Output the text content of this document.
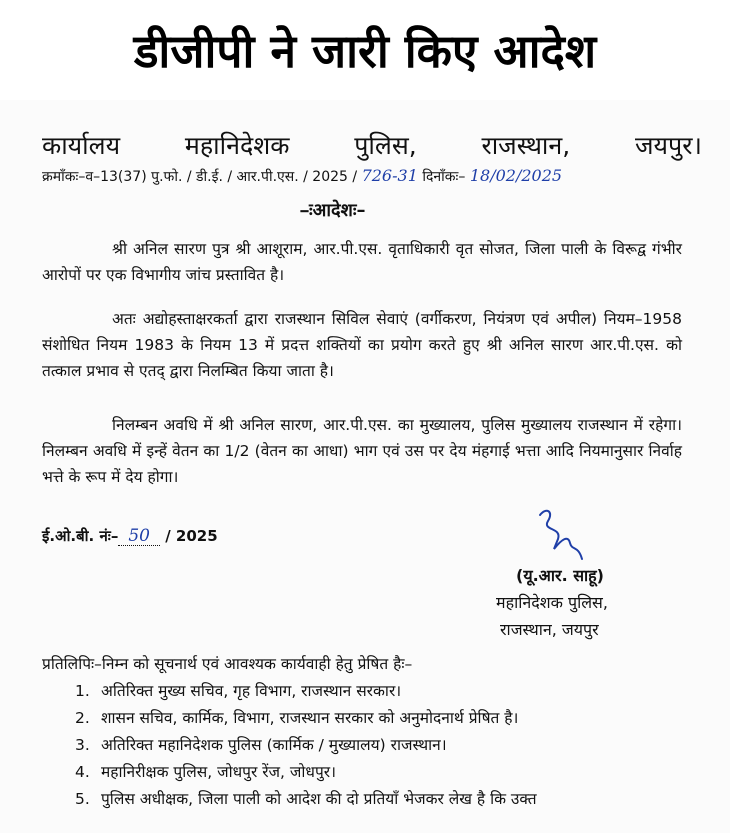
डीजीपी ने जारी किए आदेश
कार्यालय	महानिदेशक	पुलिस,	राजस्थान,	जयपुर।
क्रमाँकः–व–13(37) पु.फो. / डी.ई. / आर.पी.एस. / 2025 / 726-31 दिनाँकः– 18/02/2025
–ःआदेशः–

श्री अनिल सारण पुत्र श्री आशूराम, आर.पी.एस. वृताधिकारी वृत सोजत, जिला पाली के विरूद्व गंभीर आरोपों पर एक विभागीय जांच प्रस्तावित है।

अतः अद्योहस्ताक्षरकर्ता द्वारा राजस्थान सिविल सेवाएं (वर्गीकरण, नियंत्रण एवं अपील) नियम–1958 संशोधित नियम 1983 के नियम 13 में प्रदत्त शक्तियों का प्रयोग करते हुए श्री अनिल सारण आर.पी.एस. को तत्काल प्रभाव से एतद् द्वारा निलम्बित किया जाता है।

निलम्बन अवधि में श्री अनिल सारण, आर.पी.एस. का मुख्यालय, पुलिस मुख्यालय राजस्थान में रहेगा। निलम्बन अवधि में इन्हें वेतन का 1/2 (वेतन का आधा) भाग एवं उस पर देय मंहगाई भत्ता आदि नियमानुसार निर्वाह भत्ते के रूप में देय होगा।

ई.ओ.बी. नंः– 50 / 2025
(यू.आर. साहू)
महानिदेशक पुलिस,
राजस्थान, जयपुर
प्रतिलिपिः–निम्न को सूचनार्थ एवं आवश्यक कार्यवाही हेतु प्रेषित हैः–
1. अतिरिक्त मुख्य सचिव, गृह विभाग, राजस्थान सरकार।
2. शासन सचिव, कार्मिक, विभाग, राजस्थान सरकार को अनुमोदनार्थ प्रेषित है।
3. अतिरिक्त महानिदेशक पुलिस (कार्मिक / मुख्यालय) राजस्थान।
4. महानिरीक्षक पुलिस, जोधपुर रेंज, जोधपुर।
5. पुलिस अधीक्षक, जिला पाली को आदेश की दो प्रतियाँ भेजकर लेख है कि उक्त
